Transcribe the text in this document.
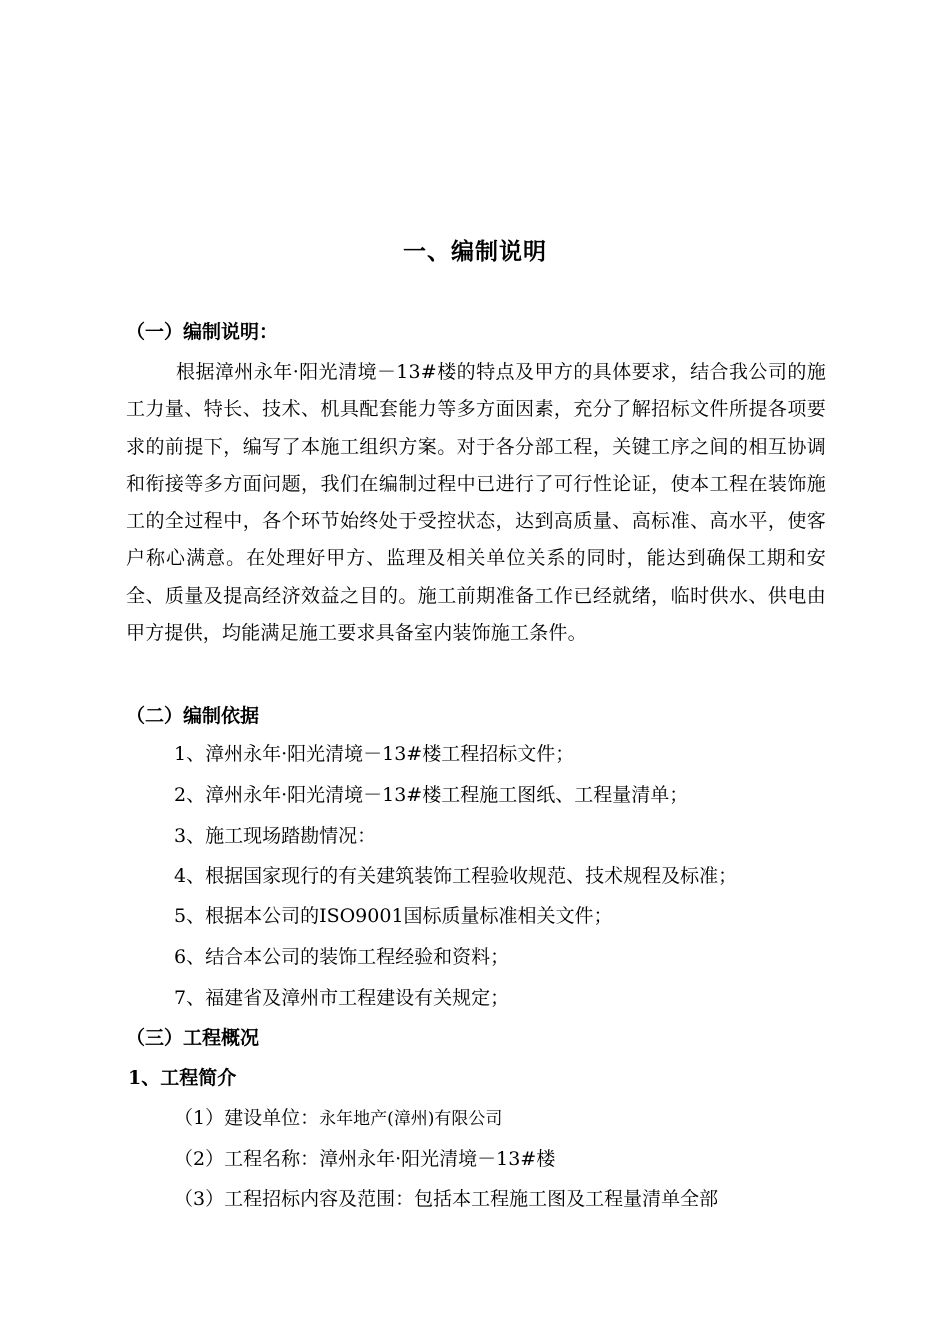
一、编制说明
（一）编制说明：

根据漳州永年·阳光清境－13#楼的特点及甲方的具体要求，结合我公司的施工力量、特长、技术、机具配套能力等多方面因素，充分了解招标文件所提各项要求的前提下，编写了本施工组织方案。对于各分部工程，关键工序之间的相互协调和衔接等多方面问题，我们在编制过程中已进行了可行性论证，使本工程在装饰施工的全过程中，各个环节始终处于受控状态，达到高质量、高标准、高水平，使客户称心满意。在处理好甲方、监理及相关单位关系的同时，能达到确保工期和安全、质量及提高经济效益之目的。施工前期准备工作已经就绪，临时供水、供电由甲方提供，均能满足施工要求具备室内装饰施工条件。

（二）编制依据

1、漳州永年·阳光清境－13#楼工程招标文件；

2、漳州永年·阳光清境－13#楼工程施工图纸、工程量清单；

3、施工现场踏勘情况：

4、根据国家现行的有关建筑装饰工程验收规范、技术规程及标准；

5、根据本公司的ISO9001国标质量标准相关文件；

6、结合本公司的装饰工程经验和资料；

7、福建省及漳州市工程建设有关规定；

（三）工程概况
1、工程简介

（1）建设单位：永年地产(漳州)有限公司

（2）工程名称：漳州永年·阳光清境－13#楼

（3）工程招标内容及范围：包括本工程施工图及工程量清单全部
